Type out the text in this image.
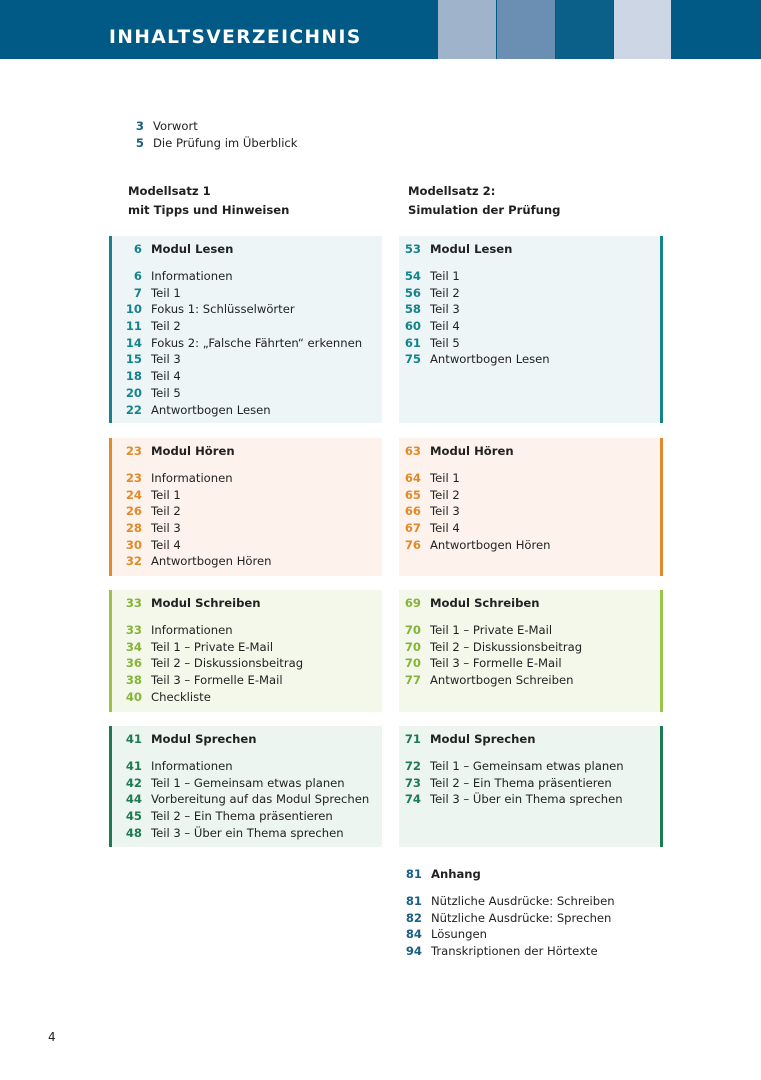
INHALTSVERZEICHNIS
3 Vorwort
5 Die Prüfung im Überblick
Modellsatz 1
mit Tipps und Hinweisen
Modellsatz 2:
Simulation der Prüfung
6 Modul Lesen
6 Informationen
7 Teil 1
10 Fokus 1: Schlüsselwörter
11 Teil 2
14 Fokus 2: „Falsche Fährten“ erkennen
15 Teil 3
18 Teil 4
20 Teil 5
22 Antwortbogen Lesen
53 Modul Lesen
54 Teil 1
56 Teil 2
58 Teil 3
60 Teil 4
61 Teil 5
75 Antwortbogen Lesen
23 Modul Hören
23 Informationen
24 Teil 1
26 Teil 2
28 Teil 3
30 Teil 4
32 Antwortbogen Hören
63 Modul Hören
64 Teil 1
65 Teil 2
66 Teil 3
67 Teil 4
76 Antwortbogen Hören
33 Modul Schreiben
33 Informationen
34 Teil 1 – Private E-Mail
36 Teil 2 – Diskussionsbeitrag
38 Teil 3 – Formelle E-Mail
40 Checkliste
69 Modul Schreiben
70 Teil 1 – Private E-Mail
70 Teil 2 – Diskussionsbeitrag
70 Teil 3 – Formelle E-Mail
77 Antwortbogen Schreiben
41 Modul Sprechen
41 Informationen
42 Teil 1 – Gemeinsam etwas planen
44 Vorbereitung auf das Modul Sprechen
45 Teil 2 – Ein Thema präsentieren
48 Teil 3 – Über ein Thema sprechen
71 Modul Sprechen
72 Teil 1 – Gemeinsam etwas planen
73 Teil 2 – Ein Thema präsentieren
74 Teil 3 – Über ein Thema sprechen
81 Anhang
81 Nützliche Ausdrücke: Schreiben
82 Nützliche Ausdrücke: Sprechen
84 Lösungen
94 Transkriptionen der Hörtexte
4
